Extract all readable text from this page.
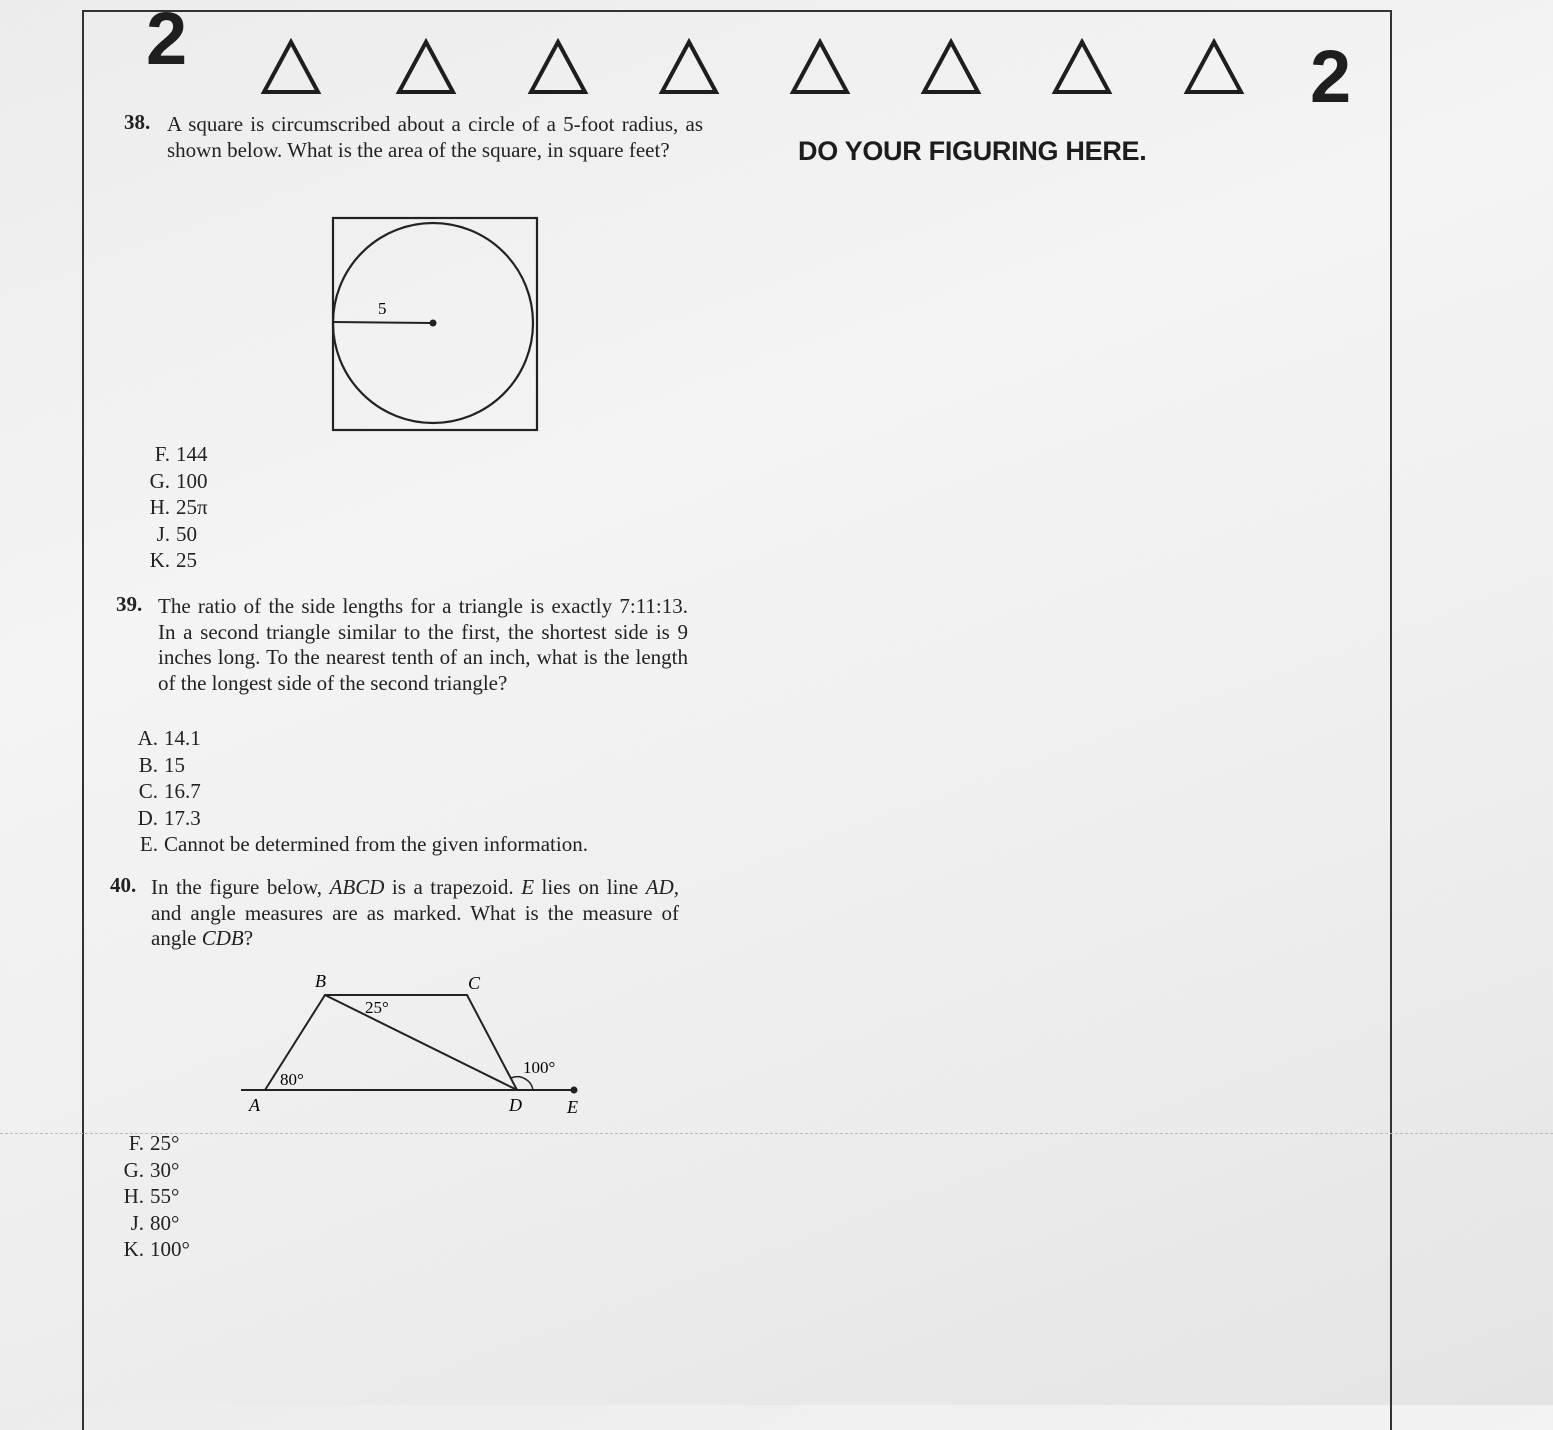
2	2
DO YOUR FIGURING HERE.
38. A square is circumscribed about a circle of a 5-foot radius, as shown below. What is the area of the square, in square feet?
5
F. 144
G. 100
H. 25π
J. 50
K. 25
39. The ratio of the side lengths for a triangle is exactly 7:11:13. In a second triangle similar to the first, the shortest side is 9 inches long. To the nearest tenth of an inch, what is the length of the longest side of the second triangle?
A. 14.1
B. 15
C. 16.7
D. 17.3
E. Cannot be determined from the given information.
40. In the figure below, ABCD is a trapezoid. E lies on line AD, and angle measures are as marked. What is the measure of angle CDB?
B	C
A	D	E
80°
25°
100°
F. 25°
G. 30°
H. 55°
J. 80°
K. 100°
